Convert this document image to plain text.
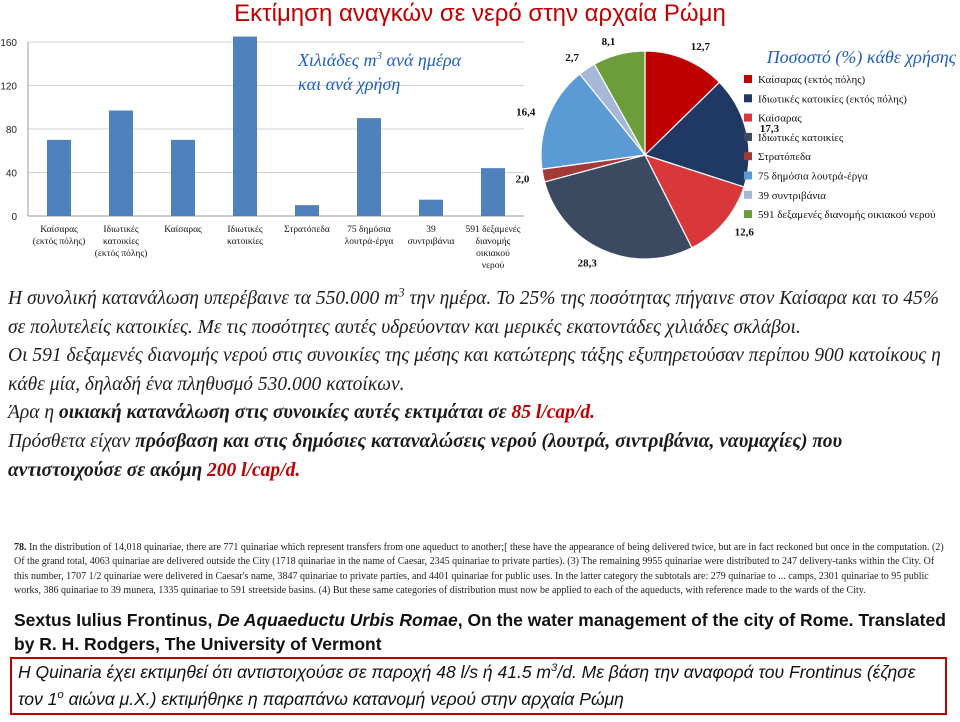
Εκτίμηση αναγκών σε νερό στην αρχαία Ρώμη
0
40
80
120
160
Καίσαρας
(εκτός πόλης)
Ιδιωτικές
κατοικίες
(εκτός πόλης)
Καίσαρας	Ιδιωτικές
κατοικίες
Στρατόπεδα 75 δημόσια
λουτρά-έργα
39
συντριβάνια
591 δεξαμενές
διανομής
οικιακού
νερού
Χιλιάδες $m^3$ ανά ημέρα
και ανά χρήση
12,7
17,3
12,6
28,3
2,0
16,4
2,7
8,1
Ποσοστό (%) κάθε χρήσης
Καίσαρας (εκτός πόλης)
Ιδιωτικές κατοικίες (εκτός πόλης)
Καίσαρας
Ιδιωτικές κατοικίες
Στρατόπεδα
75 δημόσια λουτρά-έργα
39 συντριβάνια
591 δεξαμενές διανομής οικιακού νερού

Η συνολική κατανάλωση υπερέβαινε τα 550.000 $m^3$ την ημέρα. Το 25% της ποσότητας πήγαινε στον Καίσαρα και το 45% σε πολυτελείς κατοικίες. Με τις ποσότητες αυτές υδρεύονταν και μερικές εκατοντάδες χιλιάδες σκλάβοι.

Οι 591 δεξαμενές διανομής νερού στις συνοικίες της μέσης και κατώτερης τάξης εξυπηρετούσαν περίπου 900 κατοίκους η κάθε μία, δηλαδή ένα πληθυσμό 530.000 κατοίκων.

Άρα η οικιακή κατανάλωση στις συνοικίες αυτές εκτιμάται σε 85 l/cap/d.

Πρόσθετα είχαν πρόσβαση και στις δημόσιες καταναλώσεις νερού (λουτρά, σιντριβάνια, ναυμαχίες) που αντιστοιχούσε σε ακόμη 200 l/cap/d.

78. In the distribution of 14,018 quinariae, there are 771 quinariae which represent transfers from one aqueduct to another;[ these have the appearance of being delivered twice, but are in fact reckoned but once in the computation. (2) Of the grand total, 4063 quinariae are delivered outside the City (1718 quinariae in the name of Caesar, 2345 quinariae to private parties). (3) The remaining 9955 quinariae were distributed to 247 delivery-tanks within the City. Of this number, 1707 1/2 quinariae were delivered in Caesar's name, 3847 quinariae to private parties, and 4401 quinariae for public uses. In the latter category the subtotals are: 279 quinariae to ... camps, 2301 quinariae to 95 public works, 386 quinariae to 39 munera, 1335 quinariae to 591 streetside basins. (4) But these same categories of distribution must now be applied to each of the aqueducts, with reference made to the wards of the City.
Sextus Iulius Frontinus, De Aquaeductu Urbis Romae, On the water management of the city of Rome. Translated by R. H. Rodgers, The University of Vermont
Η Quinaria έχει εκτιμηθεί ότι αντιστοιχούσε σε παροχή 48 l/s ή 41.5 $m^3/d$. Με βάση την αναφορά του Frontinus (έζησε τον $1^o$ αιώνα μ.Χ.) εκτιμήθηκε η παραπάνω κατανομή νερού στην αρχαία Ρώμη
